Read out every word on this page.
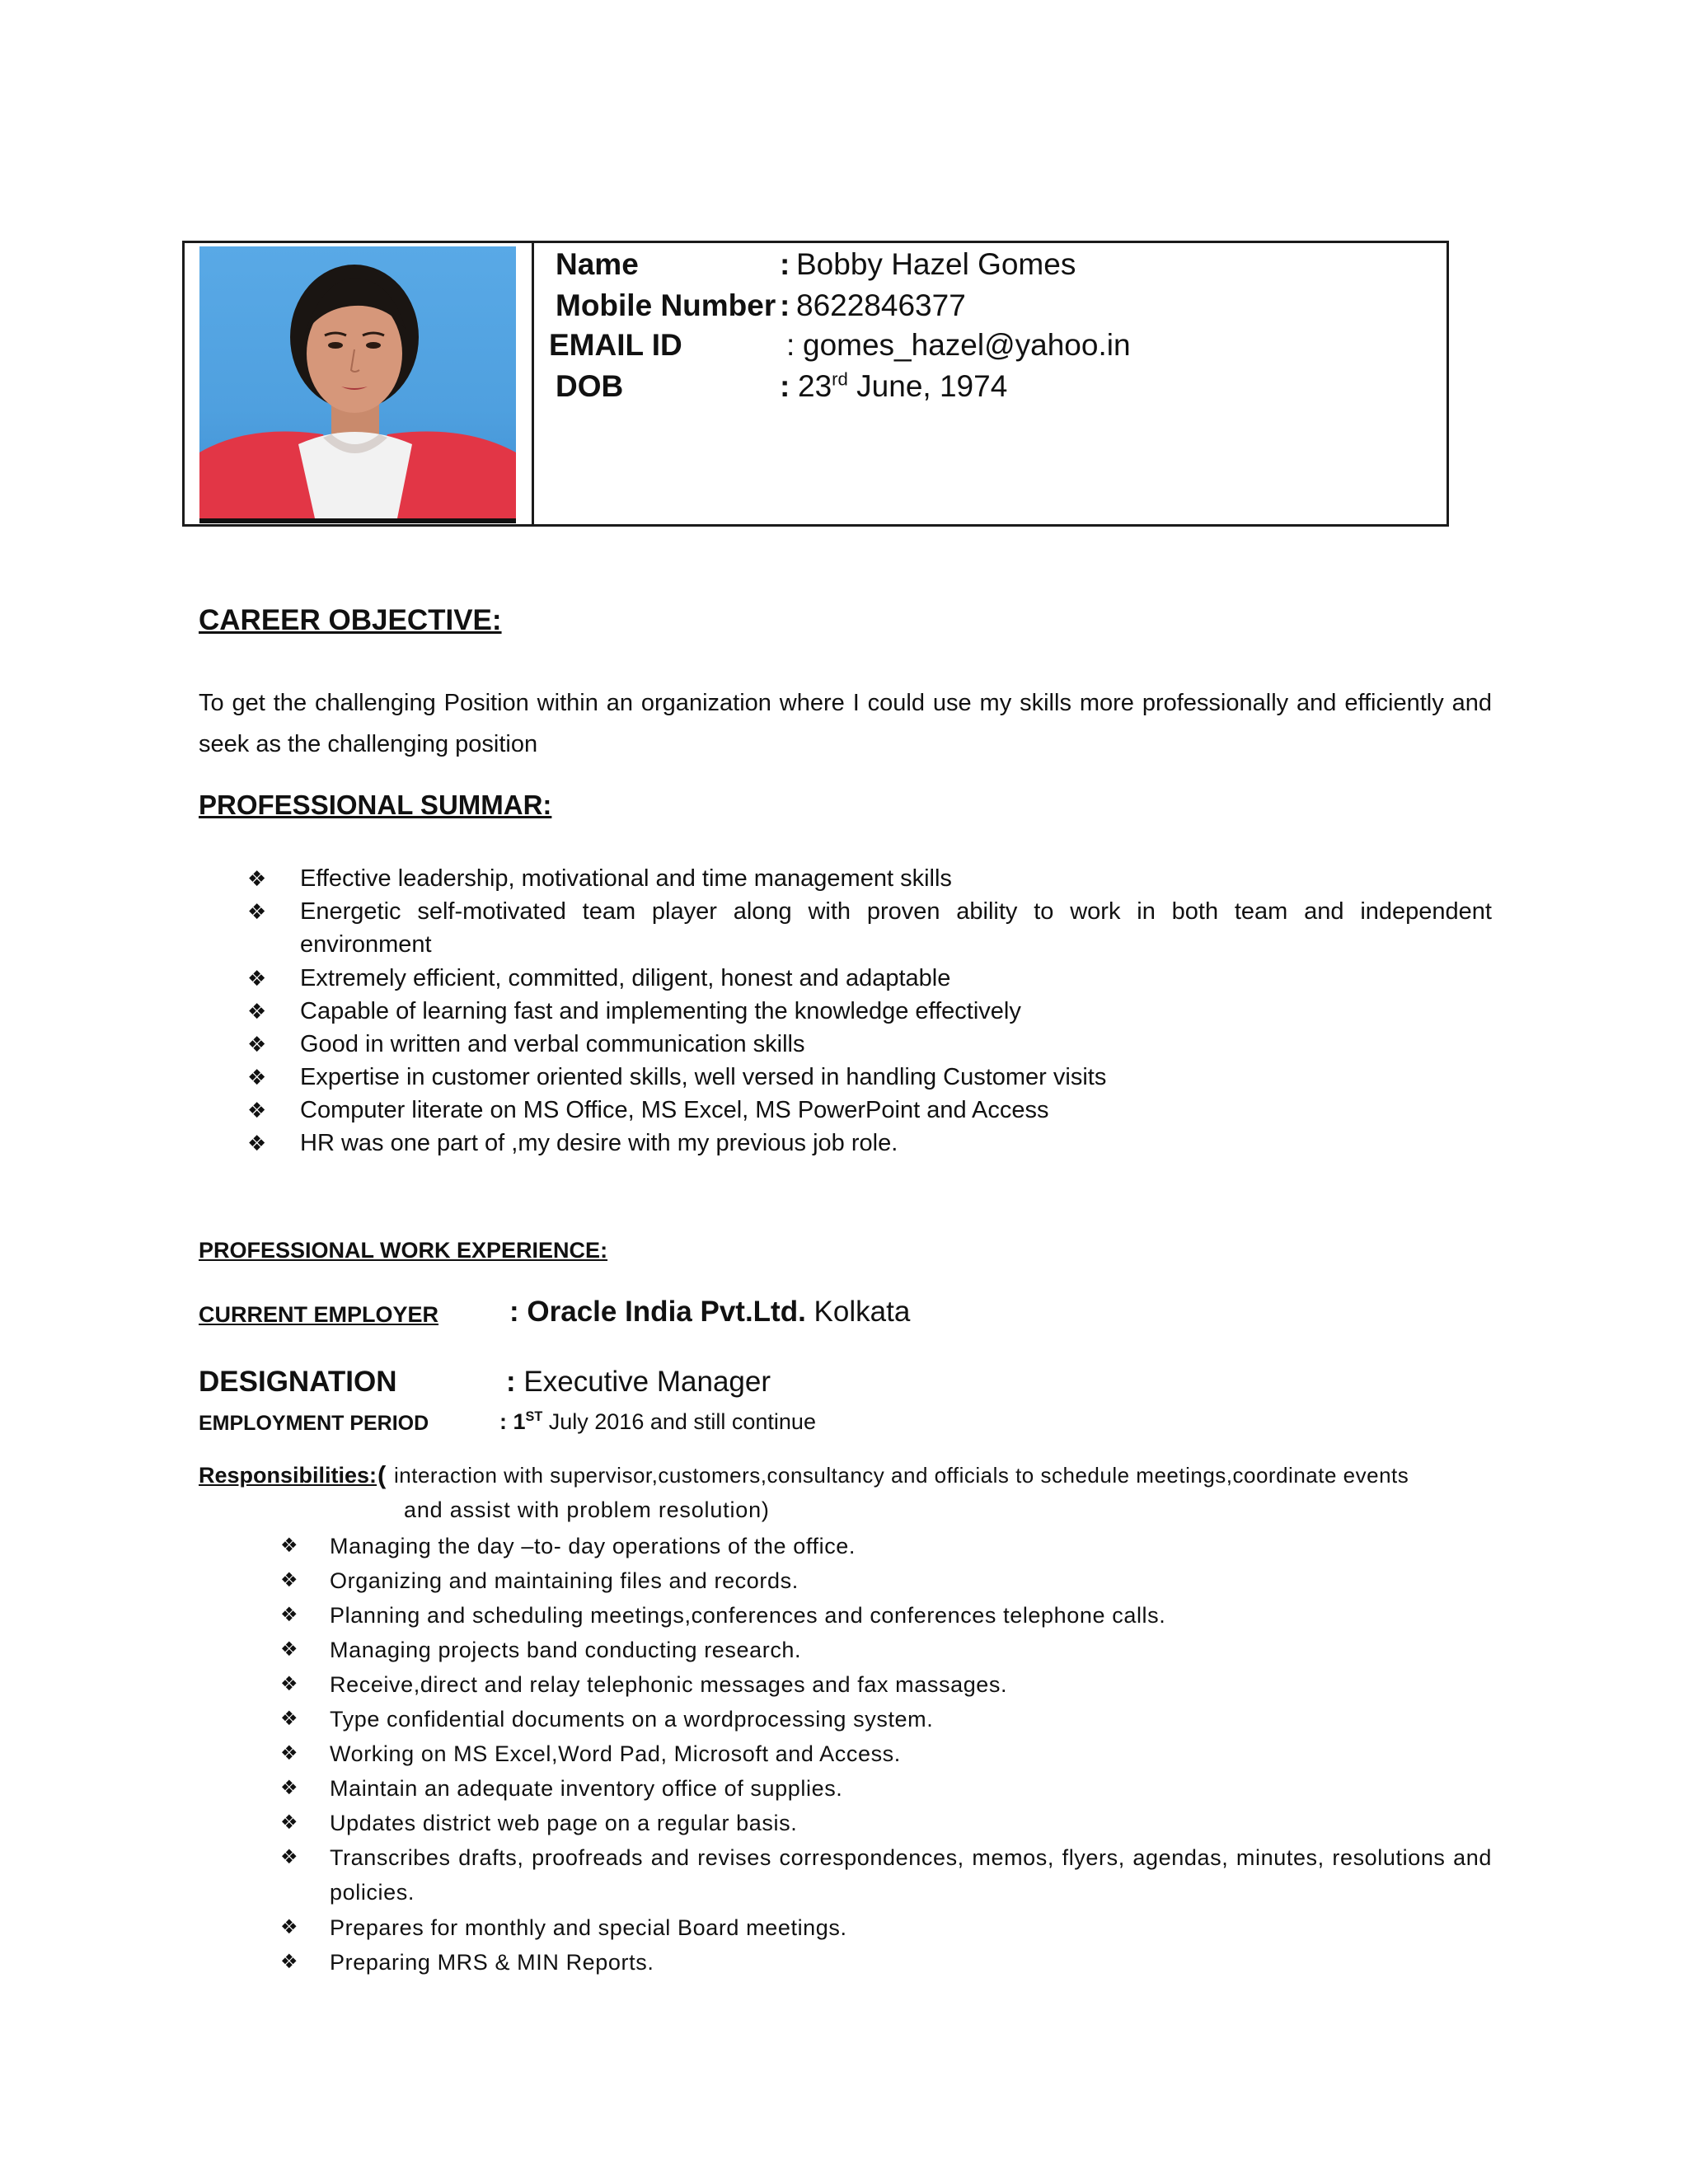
Name	: Bobby Hazel Gomes
Mobile Number : 8622846377
EMAIL ID	: gomes_hazel@yahoo.in
DOB	: 23rd June, 1974
CAREER OBJECTIVE:
To get the challenging Position within an organization where I could use my skills more professionally and efficiently and seek as the challenging position
PROFESSIONAL SUMMAR:
❖ Effective leadership, motivational and time management skills
❖ Energetic self-motivated team player along with proven ability to work in both team and independent environment
❖ Extremely efficient, committed, diligent, honest and adaptable
❖ Capable of learning fast and implementing the knowledge effectively
❖ Good in written and verbal communication skills
❖ Expertise in customer oriented skills, well versed in handling Customer visits
❖ Computer literate on MS Office, MS Excel, MS PowerPoint and Access
❖ HR was one part of ,my desire with my previous job role.
PROFESSIONAL WORK EXPERIENCE:
CURRENT EMPLOYER : Oracle India Pvt.Ltd. Kolkata
DESIGNATION	: Executive Manager
EMPLOYMENT PERIOD	: 1ST July 2016 and still continue
Responsibilities: ( interaction with supervisor,customers,consultancy and officials to schedule meetings,coordinate events
and assist with problem resolution)
❖ Managing the day –to- day operations of the office.
❖ Organizing and maintaining files and records.
❖ Planning and scheduling meetings,conferences and conferences telephone calls.
❖ Managing projects band conducting research.
❖ Receive,direct and relay telephonic messages and fax massages.
❖ Type confidential documents on a wordprocessing system.
❖ Working on MS Excel,Word Pad, Microsoft and Access.
❖ Maintain an adequate inventory office of supplies.
❖ Updates district web page on a regular basis.
❖ Transcribes drafts, proofreads and revises correspondences, memos, flyers, agendas, minutes, resolutions and policies.
❖ Prepares for monthly and special Board meetings.
❖ Preparing MRS & MIN Reports.
